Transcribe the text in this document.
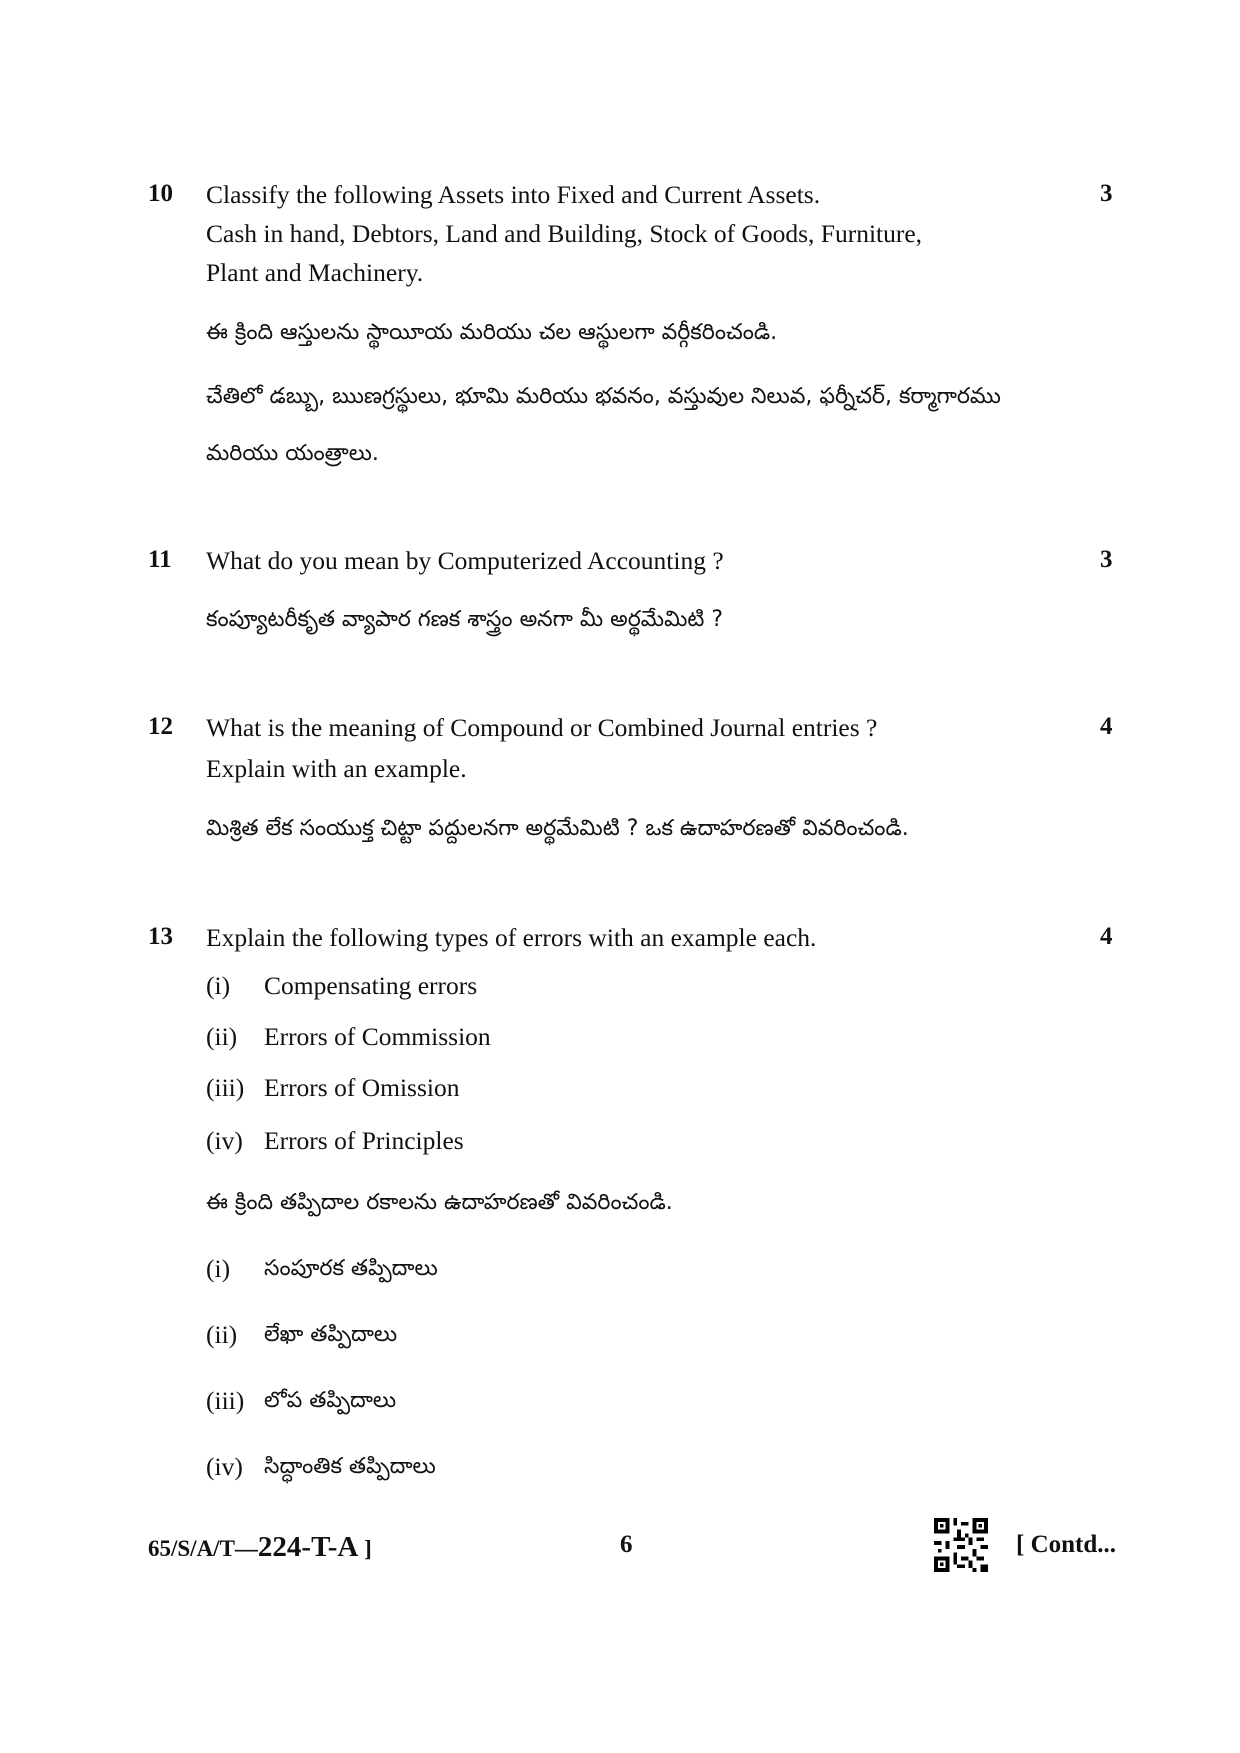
10	3
Classify the following Assets into Fixed and Current Assets.
Cash in hand, Debtors, Land and Building, Stock of Goods, Furniture,
Plant and Machinery.
ఈ క్రింది ఆస్తులను స్థాయీయ మరియు చల ఆస్థులగా వర్గీకరించండి.
చేతిలో డబ్బు, ఋణగ్రస్థులు, భూమి మరియు భవనం, వస్తువుల నిలువ, ఫర్నీచర్, కర్మాగారము
మరియు యంత్రాలు.
11	3
What do you mean by Computerized Accounting ?
కంప్యూటరీకృత వ్యాపార గణక శాస్త్రం అనగా మీ అర్థమేమిటి ?
12	4
What is the meaning of Compound or Combined Journal entries ?
Explain with an example.
మిశ్రిత లేక సంయుక్త చిట్టా పద్దులనగా అర్థమేమిటి ? ఒక ఉదాహరణతో వివరించండి.
13	4
Explain the following types of errors with an example each.
(i) Compensating errors
(ii) Errors of Commission
(iii) Errors of Omission
(iv) Errors of Principles
ఈ క్రింది తప్పిదాల రకాలను ఉదాహరణతో వివరించండి.
(i) సంపూరక తప్పిదాలు
(ii) లేఖా తప్పిదాలు
(iii) లోప తప్పిదాలు
(iv) సిద్ధాంతిక తప్పిదాలు
65/S/A/T—224-T-A ]	6	[ Contd...
